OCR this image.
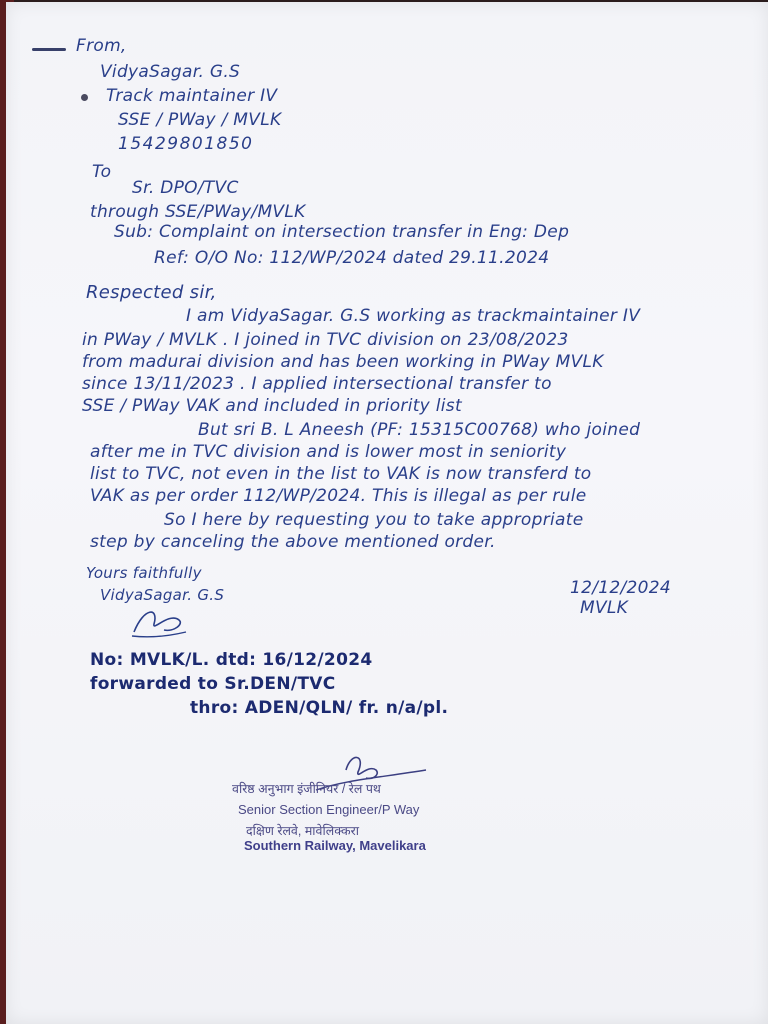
From,
VidyaSagar. G.S
Track maintainer IV
SSE / PWay / MVLK
15429801850
To
Sr. DPO/TVC
through SSE/PWay/MVLK
Sub: Complaint on intersection transfer in Eng: Dep
Ref: O/O No: 112/WP/2024 dated 29.11.2024
Respected sir,
I am VidyaSagar. G.S working as trackmaintainer IV
in PWay / MVLK . I joined in TVC division on 23/08/2023
from madurai division and has been working in PWay MVLK
since 13/11/2023 . I applied intersectional transfer to
SSE / PWay VAK and included in priority list
But sri B. L Aneesh (PF: 15315C00768) who joined
after me in TVC division and is lower most in seniority
list to TVC, not even in the list to VAK is now transferd to
VAK as per order 112/WP/2024. This is illegal as per rule
So I here by requesting you to take appropriate
step by canceling the above mentioned order.
Yours faithfully
VidyaSagar. G.S	12/12/2024
MVLK
No: MVLK/L. dtd: 16/12/2024
forwarded to Sr.DEN/TVC
thro: ADEN/QLN/ fr. n/a/pl.
वरिष्ठ अनुभाग इंजीनियर / रेल पथ
Senior Section Engineer/P Way
दक्षिण रेलवे, मावेलिक्करा
Southern Railway, Mavelikara
